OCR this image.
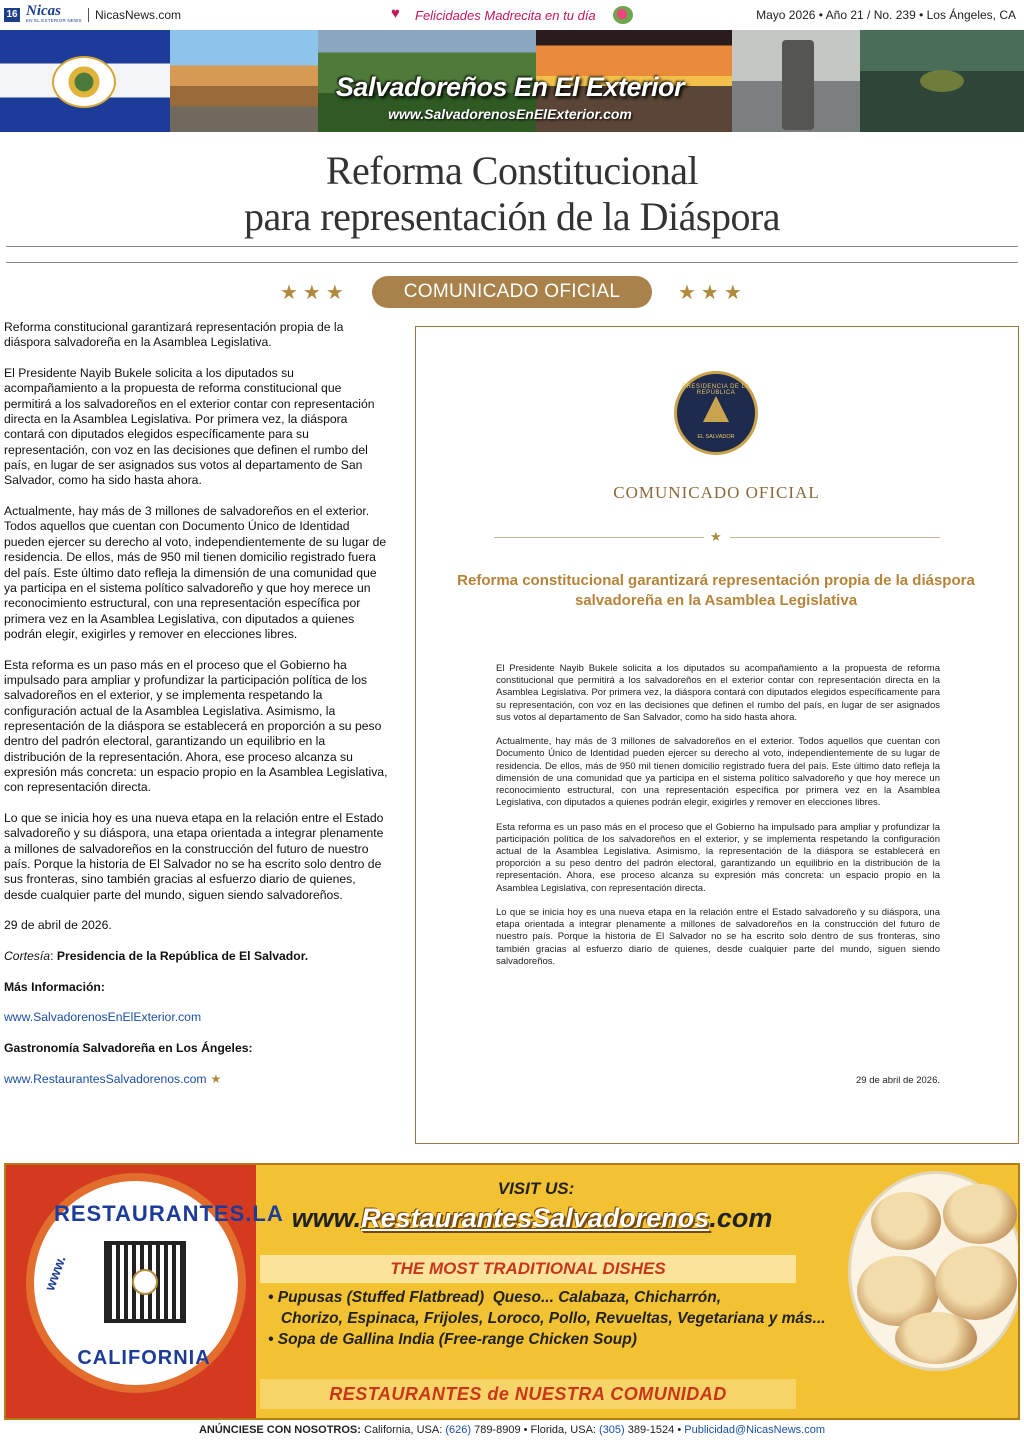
16 Nicas
EN EL EXTERIOR NEWS NicasNews.com	♥ Felicidades Madrecita en tu día	Mayo 2026 • Año 21 / No. 239 • Los Ángeles, CA
Salvadoreños En El Exterior
www.SalvadorenosEnElExterior.com
Reforma Constitucional
para representación de la Diáspora
★★★	COMUNICADO OFICIAL	★★★

Reforma constitucional garantizará representación propia de la diáspora salvadoreña en la Asamblea Legislativa.

El Presidente Nayib Bukele solicita a los diputados su acompañamiento a la propuesta de reforma constitucional que permitirá a los salvadoreños en el exterior contar con representación directa en la Asamblea Legislativa. Por primera vez, la diáspora contará con diputados elegidos específicamente para su representación, con voz en las decisiones que definen el rumbo del país, en lugar de ser asignados sus votos al departamento de San Salvador, como ha sido hasta ahora.

Actualmente, hay más de 3 millones de salvadoreños en el exterior. Todos aquellos que cuentan con Documento Único de Identidad pueden ejercer su derecho al voto, independientemente de su lugar de residencia. De ellos, más de 950 mil tienen domicilio registrado fuera del país. Este último dato refleja la dimensión de una comunidad que ya participa en el sistema político salvadoreño y que hoy merece un reconocimiento estructural, con una representación específica por primera vez en la Asamblea Legislativa, con diputados a quienes podrán elegir, exigirles y remover en elecciones libres.

Esta reforma es un paso más en el proceso que el Gobierno ha impulsado para ampliar y profundizar la participación política de los salvadoreños en el exterior, y se implementa respetando la configuración actual de la Asamblea Legislativa. Asimismo, la representación de la diáspora se establecerá en proporción a su peso dentro del padrón electoral, garantizando un equilibrio en la distribución de la representación. Ahora, ese proceso alcanza su expresión más concreta: un espacio propio en la Asamblea Legislativa, con representación directa.

Lo que se inicia hoy es una nueva etapa en la relación entre el Estado salvadoreño y su diáspora, una etapa orientada a integrar plenamente a millones de salvadoreños en la construcción del futuro de nuestro país. Porque la historia de El Salvador no se ha escrito solo dentro de sus fronteras, sino también gracias al esfuerzo diario de quienes, desde cualquier parte del mundo, siguen siendo salvadoreños.

29 de abril de 2026.

Cortesía: Presidencia de la República de El Salvador.

Más Información:

www.SalvadorenosEnElExterior.com

Gastronomía Salvadoreña en Los Ángeles:

www.RestaurantesSalvadorenos.com ★

PRESIDENCIA DE LA REPÚBLICA
EL SALVADOR
COMUNICADO OFICIAL
★
Reforma constitucional garantizará representación propia de la diáspora salvadoreña en la Asamblea Legislativa

El Presidente Nayib Bukele solicita a los diputados su acompañamiento a la propuesta de reforma constitucional que permitirá a los salvadoreños en el exterior contar con representación directa en la Asamblea Legislativa. Por primera vez, la diáspora contará con diputados elegidos específicamente para su representación, con voz en las decisiones que definen el rumbo del país, en lugar de ser asignados sus votos al departamento de San Salvador, como ha sido hasta ahora.

Actualmente, hay más de 3 millones de salvadoreños en el exterior. Todos aquellos que cuentan con Documento Único de Identidad pueden ejercer su derecho al voto, independientemente de su lugar de residencia. De ellos, más de 950 mil tienen domicilio registrado fuera del país. Este último dato refleja la dimensión de una comunidad que ya participa en el sistema político salvadoreño y que hoy merece un reconocimiento estructural, con una representación específica por primera vez en la Asamblea Legislativa, con diputados a quienes podrán elegir, exigirles y remover en elecciones libres.

Esta reforma es un paso más en el proceso que el Gobierno ha impulsado para ampliar y profundizar la participación política de los salvadoreños en el exterior, y se implementa respetando la configuración actual de la Asamblea Legislativa. Asimismo, la representación de la diáspora se establecerá en proporción a su peso dentro del padrón electoral, garantizando un equilibrio en la distribución de la representación. Ahora, ese proceso alcanza su expresión más concreta: un espacio propio en la Asamblea Legislativa, con representación directa.

Lo que se inicia hoy es una nueva etapa en la relación entre el Estado salvadoreño y su diáspora, una etapa orientada a integrar plenamente a millones de salvadoreños en la construcción del futuro de nuestro país. Porque la historia de El Salvador no se ha escrito solo dentro de sus fronteras, sino también gracias al esfuerzo diario de quienes, desde cualquier parte del mundo, siguen siendo salvadoreños.

29 de abril de 2026.
RESTAURANTES.LA
www.
CALIFORNIA
VISIT US:
www.RestaurantesSalvadorenos.com
THE MOST TRADITIONAL DISHES
• Pupusas (Stuffed Flatbread)  Queso... Calabaza, Chicharrón,
Chorizo, Espinaca, Frijoles, Loroco, Pollo, Revueltas, Vegetariana y más...
• Sopa de Gallina India (Free-range Chicken Soup)
RESTAURANTES de NUESTRA COMUNIDAD
ANÚNCIESE CON NOSOTROS: California, USA: (626) 789-8909 • Florida, USA: (305) 389-1524 • Publicidad@NicasNews.com
